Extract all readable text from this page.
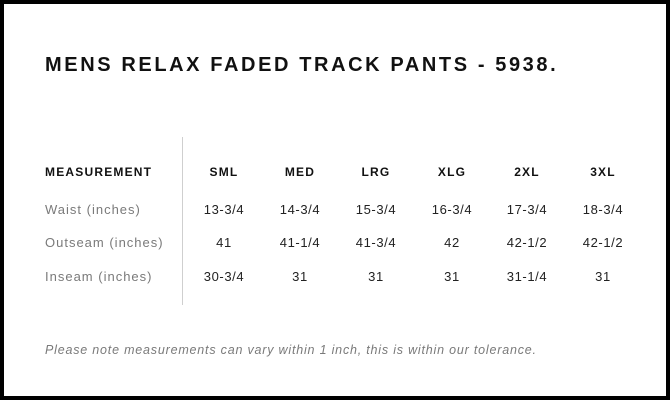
MENS RELAX FADED TRACK PANTS - 5938.
MEASUREMENT	SML	MED	LRG	XLG	2XL	3XL
Waist (inches)	13-3/4	14-3/4	15-3/4	16-3/4	17-3/4	18-3/4
Outseam (inches)	41	41-1/4	41-3/4	42	42-1/2	42-1/2
Inseam (inches)	30-3/4	31	31	31	31-1/4	31
Please note measurements can vary within 1 inch, this is within our tolerance.
